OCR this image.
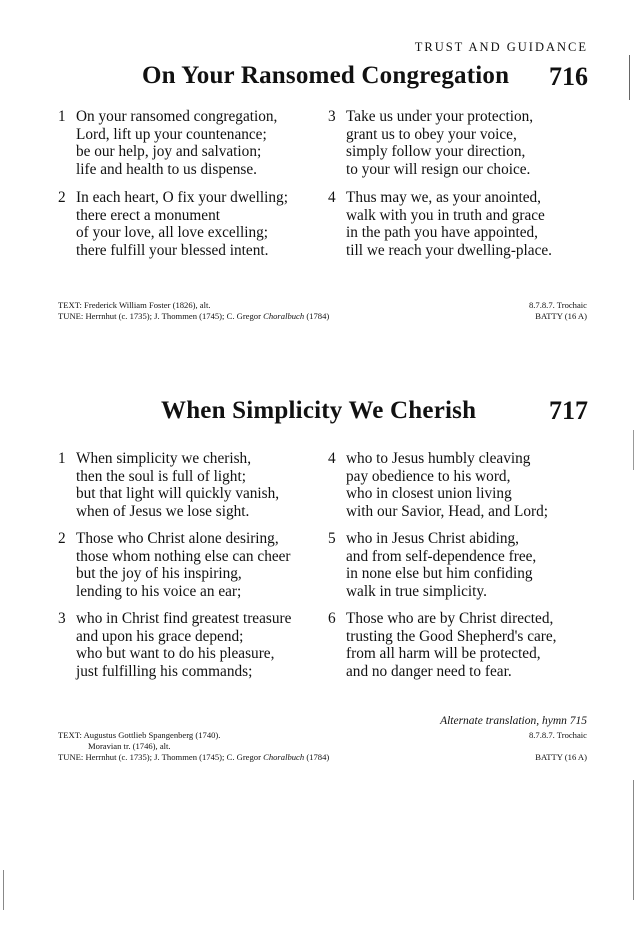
TRUST AND GUIDANCE
On Your Ransomed Congregation 716
1 On your ransomed congregation,
Lord, lift up your countenance;
be our help, joy and salvation;
life and health to us dispense.
2 In each heart, O fix your dwelling;
there erect a monument
of your love, all love excelling;
there fulfill your blessed intent.
3 Take us under your protection,
grant us to obey your voice,
simply follow your direction,
to your will resign our choice.
4 Thus may we, as your anointed,
walk with you in truth and grace
in the path you have appointed,
till we reach your dwelling-place.
TEXT: Frederick William Foster (1826), alt.
TUNE: Herrnhut (c. 1735); J. Thommen (1745); C. Gregor Choralbuch (1784)
8.7.8.7. Trochaic
BATTY (16 A)
When Simplicity We Cherish	717
1 When simplicity we cherish,
then the soul is full of light;
but that light will quickly vanish,
when of Jesus we lose sight.
2 Those who Christ alone desiring,
those whom nothing else can cheer
but the joy of his inspiring,
lending to his voice an ear;
3 who in Christ find greatest treasure
and upon his grace depend;
who but want to do his pleasure,
just fulfilling his commands;
4 who to Jesus humbly cleaving
pay obedience to his word,
who in closest union living
with our Savior, Head, and Lord;
5 who in Jesus Christ abiding,
and from self-dependence free,
in none else but him confiding
walk in true simplicity.
6 Those who are by Christ directed,
trusting the Good Shepherd's care,
from all harm will be protected,
and no danger need to fear.
Alternate translation, hymn 715
TEXT: Augustus Gottlieb Spangenberg (1740).
Moravian tr. (1746), alt.
TUNE: Herrnhut (c. 1735); J. Thommen (1745); C. Gregor Choralbuch (1784)
8.7.8.7. Trochaic
BATTY (16 A)
